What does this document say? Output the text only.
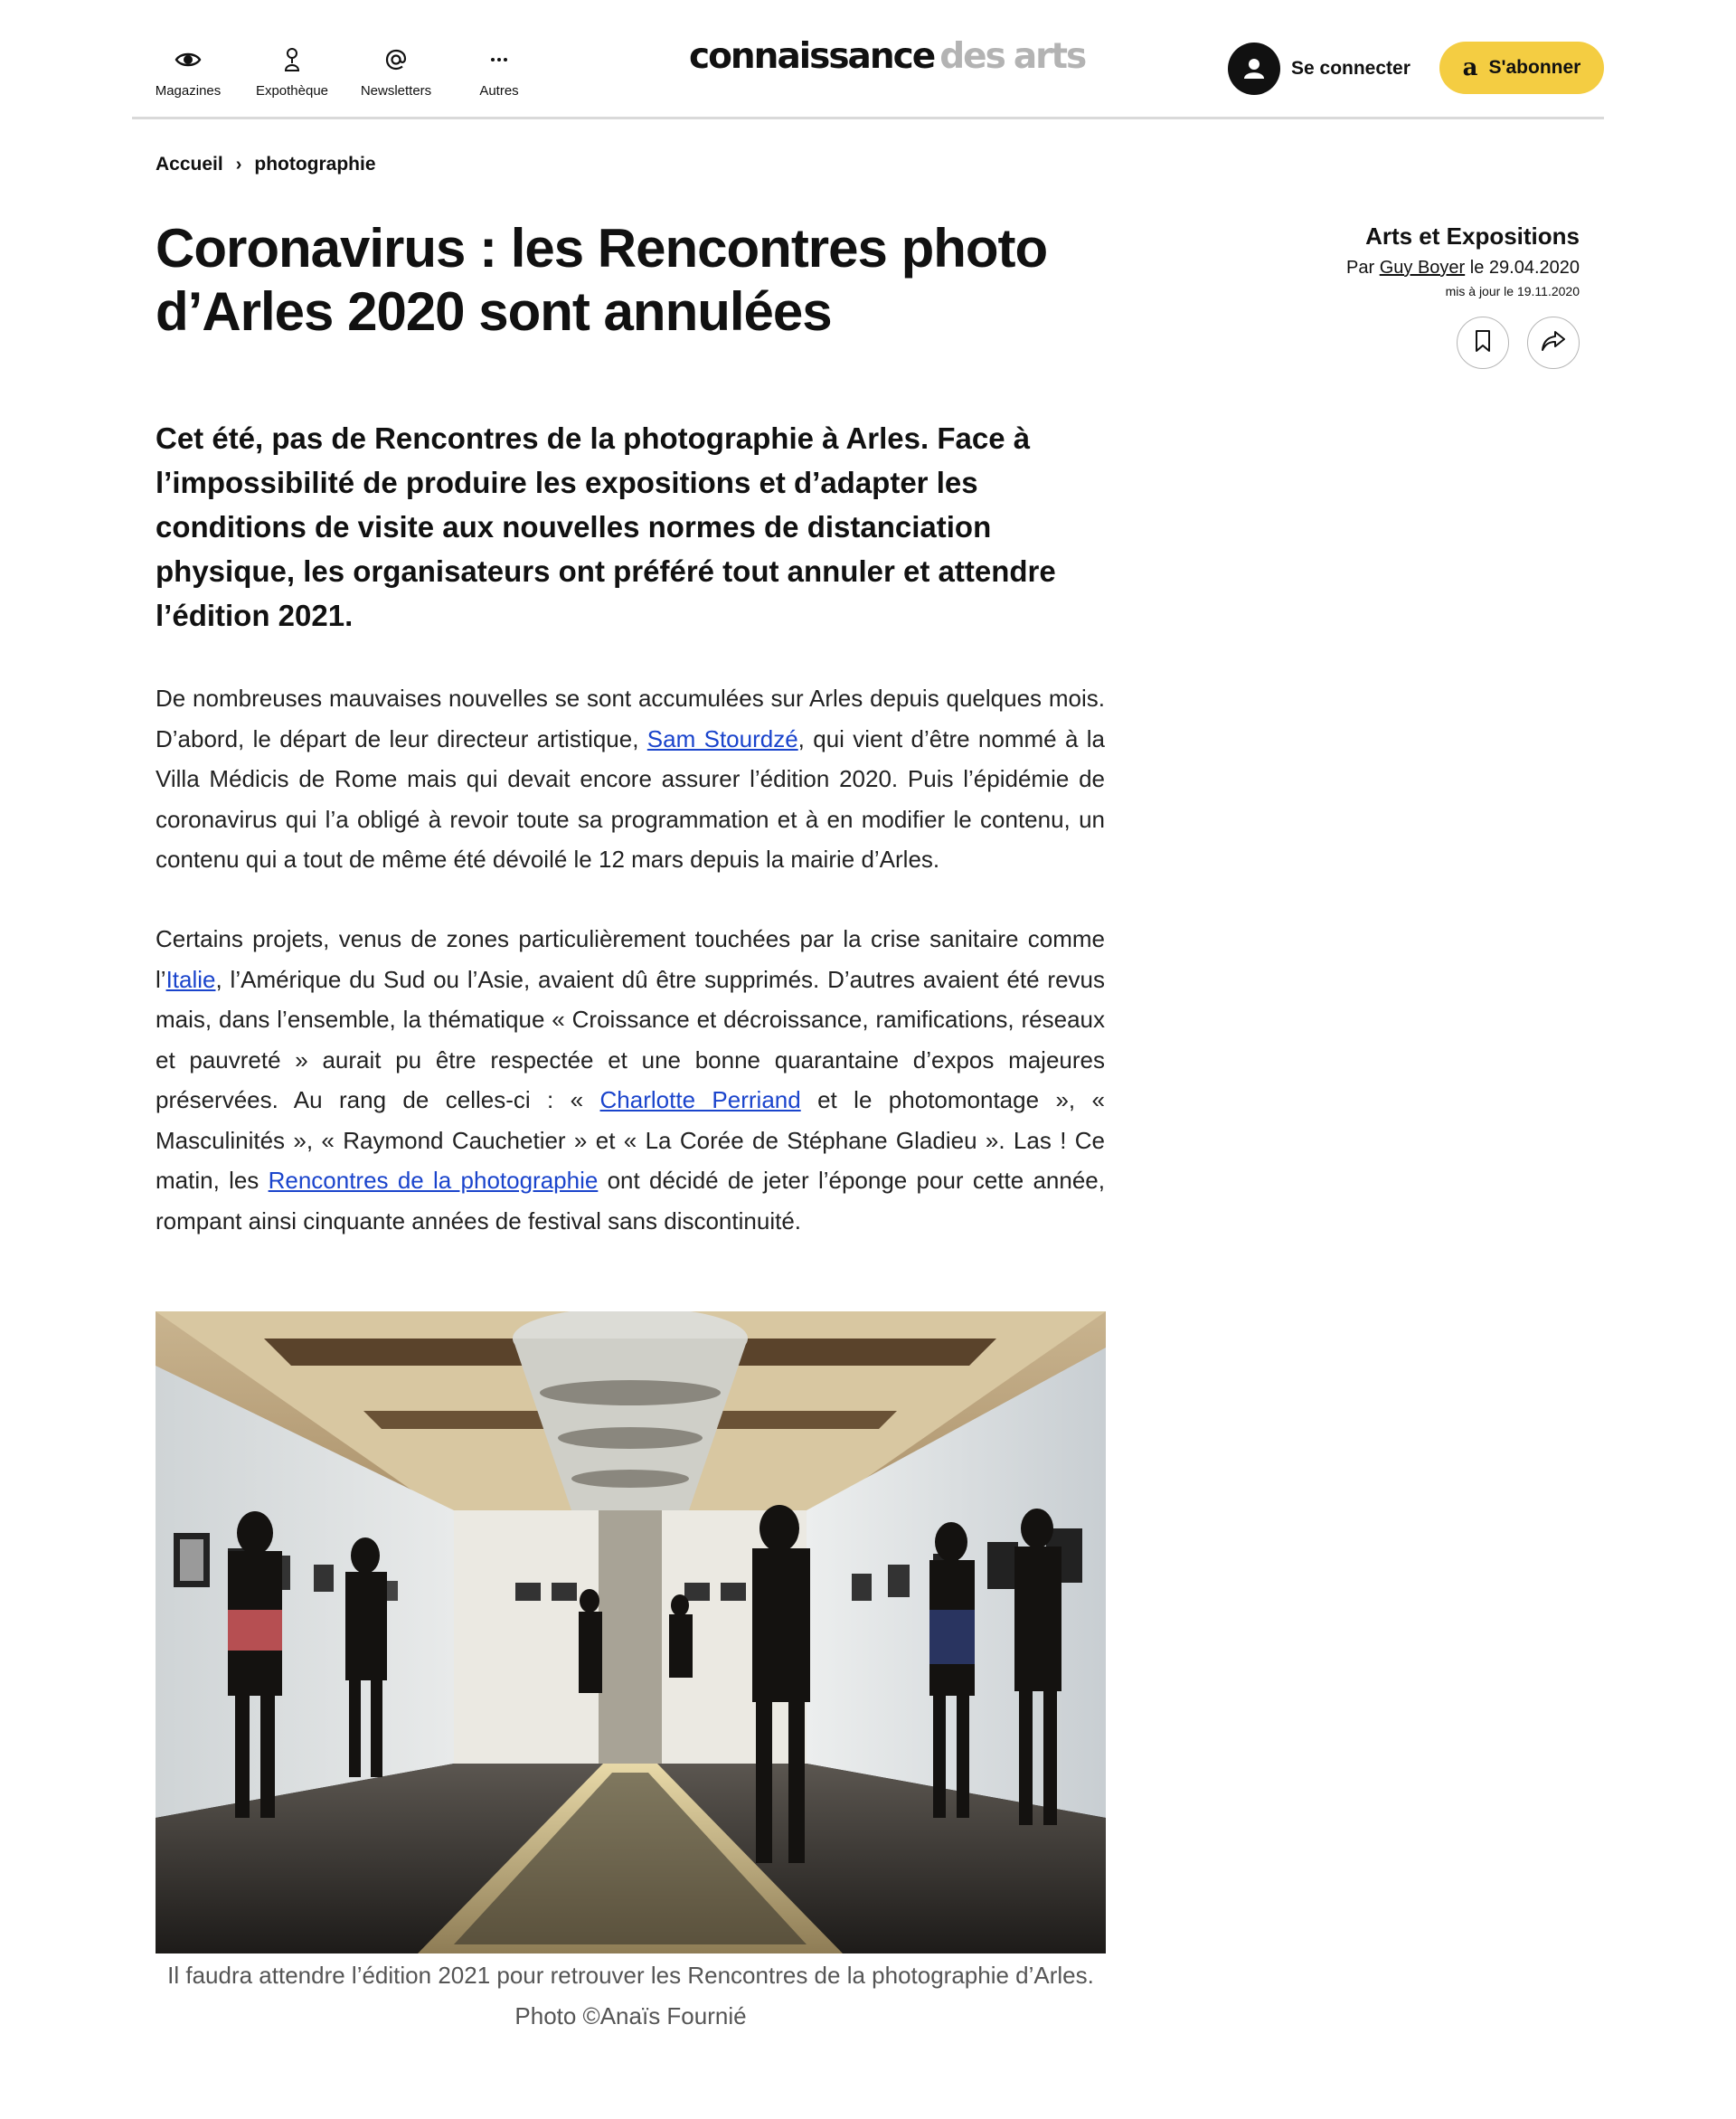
Magazines	Expothèque	Newsletters	Autres
connaissance des arts	Se connecter a S'abonner
Accueil › photographie
Coronavirus : les Rencontres photo d’Arles 2020 sont annulées
Arts et Expositions
Par Guy Boyer le 29.04.2020
mis à jour le 19.11.2020

Cet été, pas de Rencontres de la photographie à Arles. Face à l’impossibilité de produire les expositions et d’adapter les conditions de visite aux nouvelles normes de distanciation physique, les organisateurs ont préféré tout annuler et attendre l’édition 2021.

De nombreuses mauvaises nouvelles se sont accumulées sur Arles depuis quelques mois. D’abord, le départ de leur directeur artistique, Sam Stourdzé, qui vient d’être nommé à la Villa Médicis de Rome mais qui devait encore assurer l’édition 2020. Puis l’épidémie de coronavirus qui l’a obligé à revoir toute sa programmation et à en modifier le contenu, un contenu qui a tout de même été dévoilé le 12 mars depuis la mairie d’Arles.

Certains projets, venus de zones particulièrement touchées par la crise sanitaire comme l’Italie, l’Amérique du Sud ou l’Asie, avaient dû être supprimés. D’autres avaient été revus mais, dans l’ensemble, la thématique « Croissance et décroissance, ramifications, réseaux et pauvreté » aurait pu être respectée et une bonne quarantaine d’expos majeures préservées. Au rang de celles-ci : « Charlotte Perriand et le photomontage », « Masculinités », « Raymond Cauchetier » et « La Corée de Stéphane Gladieu ». Las ! Ce matin, les Rencontres de la photographie ont décidé de jeter l’éponge pour cette année, rompant ainsi cinquante années de festival sans discontinuité.

Il faudra attendre l’édition 2021 pour retrouver les Rencontres de la photographie d’Arles.
Photo ©Anaïs Fournié
